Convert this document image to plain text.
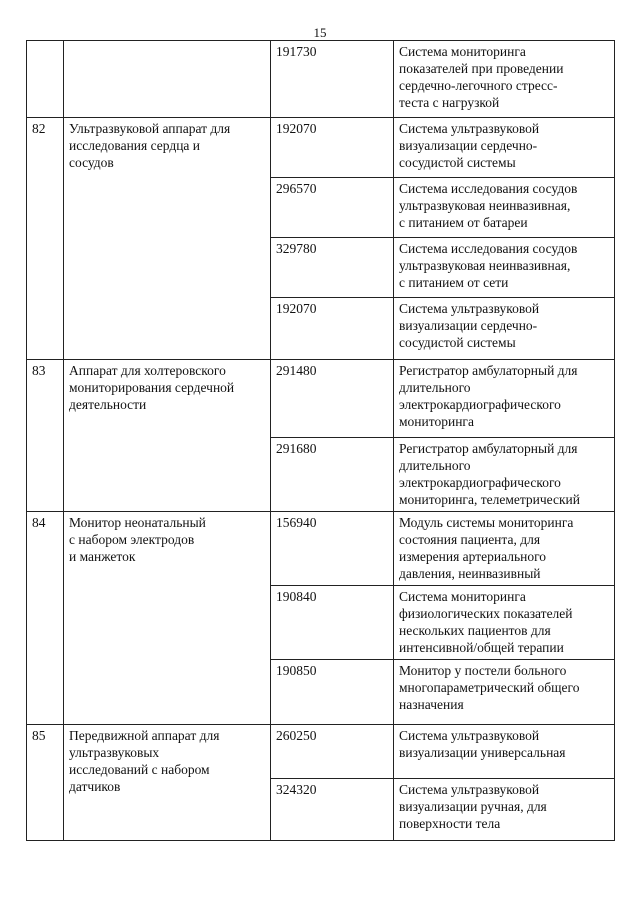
15

		191730	Система мониторинга
показателей при проведении
сердечно-легочного стресс-
теста с нагрузкой

82	Ультразвуковой аппарат для
исследования сердца и
сосудов	192070	Система ультразвуковой
визуализации сердечно-
сосудистой системы

		296570	Система исследования сосудов
ультразвуковая неинвазивная,
с питанием от батареи

		329780	Система исследования сосудов
ультразвуковая неинвазивная,
с питанием от сети

		192070	Система ультразвуковой
визуализации сердечно-
сосудистой системы

83	Аппарат для холтеровского
мониторирования сердечной
деятельности	291480	Регистратор амбулаторный для
длительного
электрокардиографического
мониторинга

		291680	Регистратор амбулаторный для
длительного
электрокардиографического
мониторинга, телеметрический

84	Монитор неонатальный
с набором электродов
и манжеток	156940	Модуль системы мониторинга
состояния пациента, для
измерения артериального
давления, неинвазивный

		190840	Система мониторинга
физиологических показателей
нескольких пациентов для
интенсивной/общей терапии

		190850	Монитор у постели больного
многопараметрический общего
назначения

85	Передвижной аппарат для
ультразвуковых
исследований с набором
датчиков	260250	Система ультразвуковой
визуализации универсальная

		324320	Система ультразвуковой
визуализации ручная, для
поверхности тела
